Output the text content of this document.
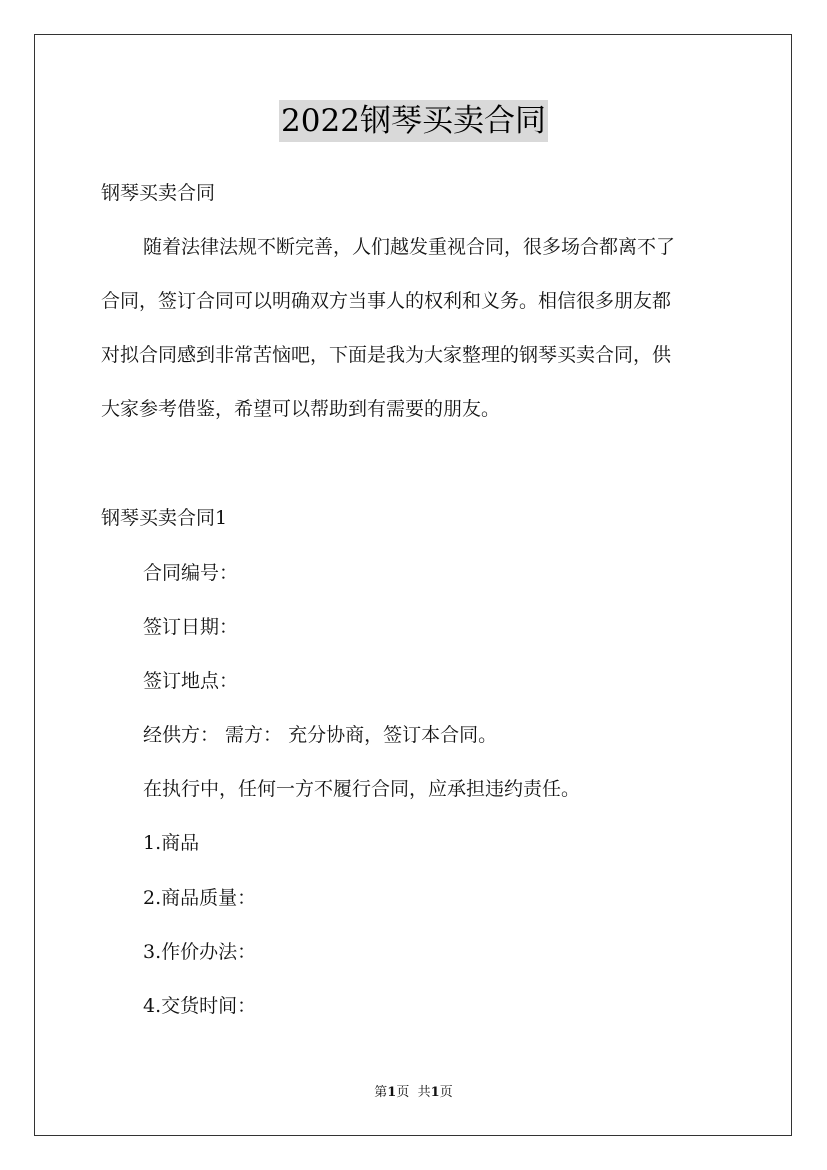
2022钢琴买卖合同
钢琴买卖合同
随着法律法规不断完善，人们越发重视合同，很多场合都离不了
合同，签订合同可以明确双方当事人的权利和义务。相信很多朋友都
对拟合同感到非常苦恼吧，下面是我为大家整理的钢琴买卖合同，供
大家参考借鉴，希望可以帮助到有需要的朋友。
钢琴买卖合同1
合同编号：
签订日期：
签订地点：
经供方： 需方： 充分协商，签订本合同。
在执行中，任何一方不履行合同，应承担违约责任。
1.商品
2.商品质量：
3.作价办法：
4.交货时间：
第1页 共1页
